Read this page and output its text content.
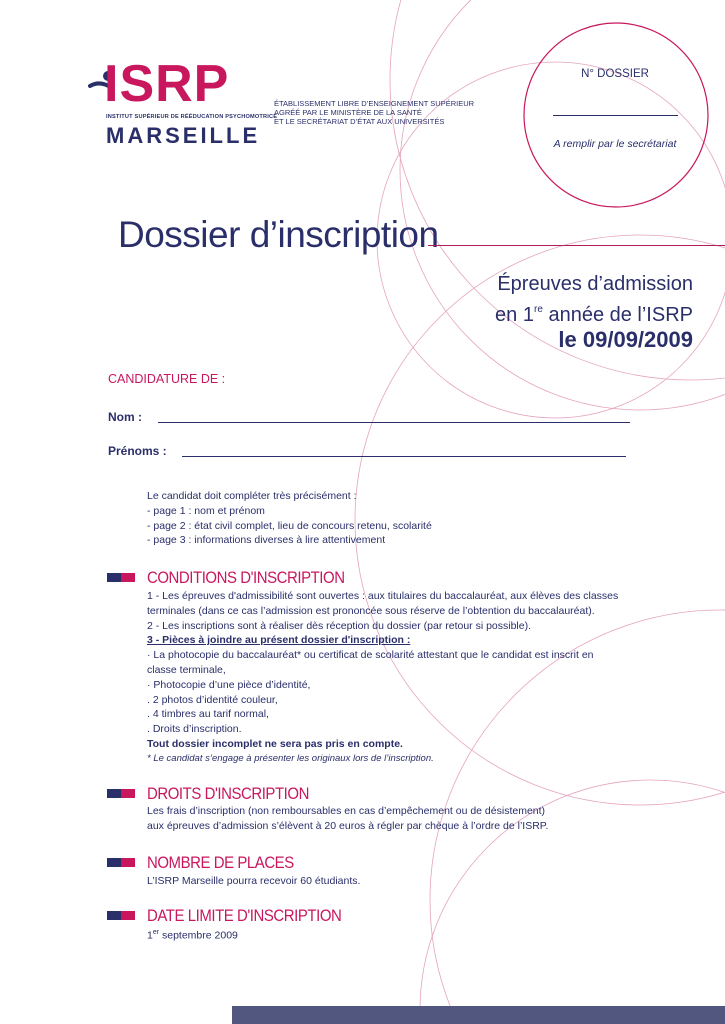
ISRP
INSTITUT SUPÉRIEUR DE RÉÉDUCATION PSYCHOMOTRICE
MARSEILLE
ÉTABLISSEMENT LIBRE D’ENSEIGNEMENT SUPÉRIEUR
AGRÉÉ PAR LE MINISTÈRE DE LA SANTÉ
ET LE SECRÉTARIAT D’ÉTAT AUX UNIVERSITÉS
N° DOSSIER
A remplir par le secrétariat
Dossier d’inscription
Épreuves d’admission
en 1re année de l’ISRP
le 09/09/2009
CANDIDATURE DE :
Nom :
Prénoms :

Le candidat doit compléter très précisément :

- page 1 : nom et prénom

- page 2 : état civil complet, lieu de concours retenu, scolarité

- page 3 : informations diverses à lire attentivement

CONDITIONS D'INSCRIPTION

1 - Les épreuves d'admissibilité sont ouvertes : aux titulaires du baccalauréat, aux élèves des classes

terminales (dans ce cas l’admission est prononcée sous réserve de l’obtention du baccalauréat).

2 - Les inscriptions sont à réaliser dès réception du dossier (par retour si possible).

3 - Pièces à joindre au présent dossier d'inscription :

· La photocopie du baccalauréat* ou certificat de scolarité attestant que le candidat est inscrit en

classe terminale,

· Photocopie d’une pièce d’identité,

. 2 photos d’identité couleur,

. 4 timbres au tarif normal,

. Droits d’inscription.

Tout dossier incomplet ne sera pas pris en compte.

* Le candidat s’engage à présenter les originaux lors de l’inscription.

DROITS D'INSCRIPTION

Les frais d’inscription (non remboursables en cas d’empêchement ou de désistement)

aux épreuves d’admission s’élèvent à 20 euros à régler par chèque à l’ordre de l’ISRP.

NOMBRE DE PLACES

L’ISRP Marseille pourra recevoir 60 étudiants.

DATE LIMITE D'INSCRIPTION

1er septembre 2009
